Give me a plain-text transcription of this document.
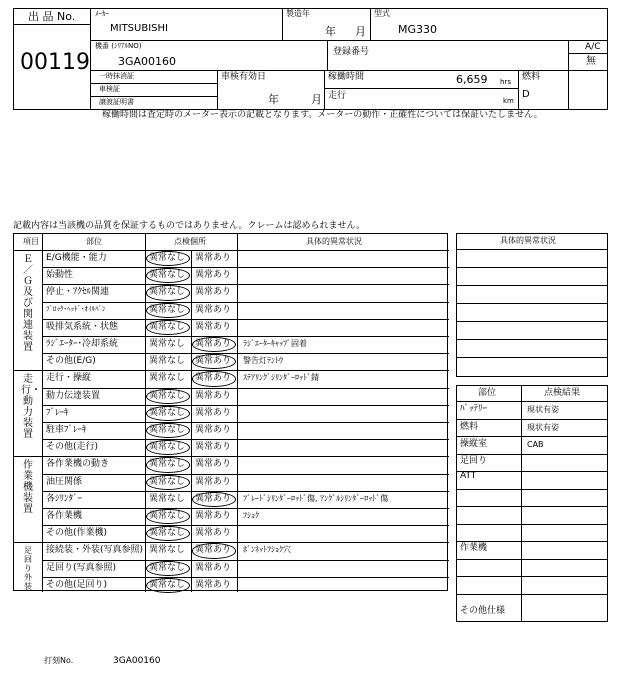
出 品 No.
00119
ﾒｰｶｰ
MITSUBISHI
製造年
年 月
型式
MG330
機番 (ｼﾘｱﾙNO)
3GA00160
登録番号	A/C
無
一時抹消証
車検証
譲渡証明書
車検有効日
年	月
稼働時間	6,659 hrs
走行	km
燃料
D
稼働時間は査定時のメーター表示の記載となります。メーターの動作・正確性については保証いたしません。
記載内容は当該機の品質を保証するものではありません。クレームは認められません。
項目	部位	点検個所	具体的異常状況
Ｅ／Ｇ及び関連装置
走行・動力装置
作業機装置
足回り外装
E/G機能・能力	異常なし 異常あり
始動性	異常なし 異常あり
停止・ｱｸｾﾙ関連	異常なし 異常あり
ﾌﾞﾛｯｸ･ﾍｯﾄﾞ･ｵｲﾙﾊﾟﾝ	異常なし 異常あり
吸排気系統・状態	異常なし 異常あり
ﾗｼﾞｴｰﾀｰ･冷却系統	異常なし 異常あり ﾗｼﾞｴｰﾀｰｷｬｯﾌﾟ固着
その他(E/G)	異常なし 異常あり 警告灯ﾃﾝﾄｳ
走行・操縦	異常なし 異常あり ｽﾃｱﾘﾝｸﾞｼﾘﾝﾀﾞｰﾛｯﾄﾞ錆
動力伝達装置	異常なし 異常あり
ﾌﾞﾚｰｷ	異常なし 異常あり
駐車ﾌﾞﾚｰｷ	異常なし 異常あり
その他(走行)	異常なし 異常あり
各作業機の動き	異常なし 異常あり
油圧関係	異常なし 異常あり
各ｼﾘﾝﾀﾞｰ	異常なし 異常あり ﾌﾞﾚｰﾄﾞｼﾘﾝﾀﾞｰﾛｯﾄﾞ傷, ｱﾝｸﾞﾙｼﾘﾝﾀﾞｰﾛｯﾄﾞ傷
各作業機	異常なし 異常あり ﾌｼｮｸ
その他(作業機)	異常なし 異常あり
接続装・外装(写真参照) 異常なし 異常あり ﾎﾞﾝﾈｯﾄﾌｼｮｸ穴
足回り(写真参照)	異常なし 異常あり
その他(足回り)	異常なし 異常あり
具体的異常状況
部位	点検結果
ﾊﾞｯﾃﾘｰ	現状有姿
燃料	現状有姿
操縦室	CAB
足回り
ATT
作業機
その他仕様
打刻No.	3GA00160
